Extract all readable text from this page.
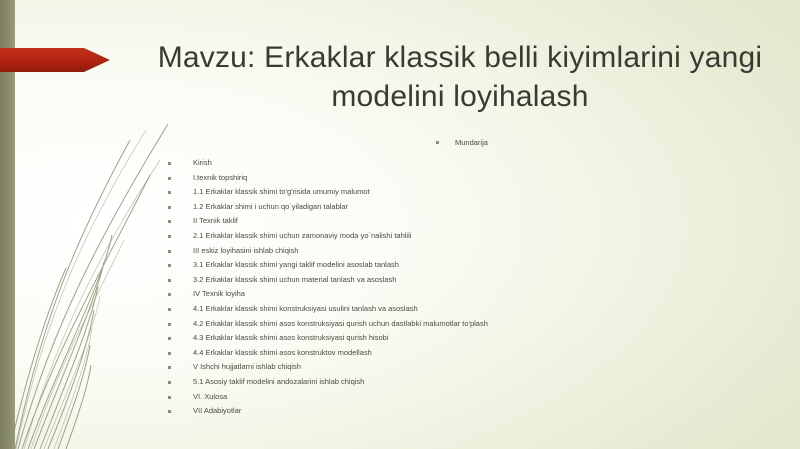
Mavzu: Erkaklar klassik belli kiyimlarini yangi modelini loyihalash
Mundarija
Kirish
I.texnik topshiriq
1.1 Erkaklar klassik shimi to'g'risida umumiy malumot
1.2 Erkaklar shimi i uchun qo`yiladigan talablar
II Texnik taklif
2.1 Erkaklar klassik shimi uchun zamonaviy moda yo`nalishi tahlili
III eskiz loyihasini ishlab chiqish
3.1 Erkaklar klassik shimi yangi taklif modelini asoslab tanlash
3.2 Erkaklar klassik shimi uchun material tanlash va asoslash
IV Texnik loyiha
4.1 Erkaklar klassik shimi konstruksiyasi usulini tanlash va asoslash
4.2 Erkaklar klassik shimi asos konstruksiyasi qurish uchun dastlabki malumotlar to'plash
4.3 Erkaklar klassik shimi asos konstruksiyasi qurish hisobi
4.4 Erkaklar klassik shimi asos konstruktov modellash
V Ishchi hujjatlarni ishlab chiqish
5.1 Asosiy taklif modelini andozalarini ishlab chiqish
VI. Xulosa
VII Adabiyotlar
